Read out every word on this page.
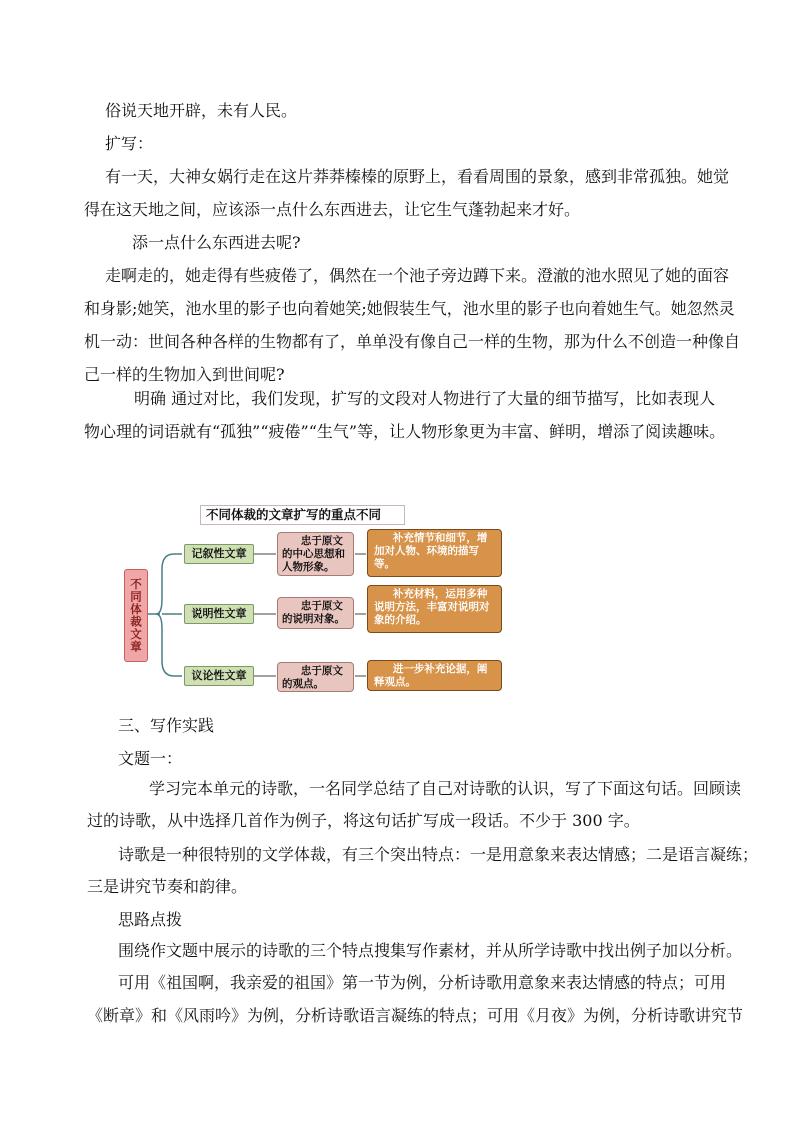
俗说天地开辟，未有人民。

扩写：

有一天，大神女娲行走在这片莽莽榛榛的原野上，看看周围的景象，感到非常孤独。她觉

得在这天地之间，应该添一点什么东西进去，让它生气蓬勃起来才好。

添一点什么东西进去呢?

走啊走的，她走得有些疲倦了，偶然在一个池子旁边蹲下来。澄澈的池水照见了她的面容

和身影;她笑，池水里的影子也向着她笑;她假装生气，池水里的影子也向着她生气。她忽然灵

机一动：世间各种各样的生物都有了，单单没有像自己一样的生物，那为什么不创造一种像自

己一样的生物加入到世间呢?

明确 通过对比，我们发现，扩写的文段对人物进行了大量的细节描写，比如表现人

物心理的词语就有“孤独”“疲倦”“生气”等，让人物形象更为丰富、鲜明，增添了阅读趣味。

不同体裁的文章扩写的重点不同
不同体裁文章
记叙性文章
说明性文章
议论性文章
忠于原文的中心思想和人物形象。
忠于原文的说明对象。
忠于原文的观点。
补充情节和细节，增加对人物、环境的描写等。
补充材料，运用多种说明方法，丰富对说明对象的介绍。
进一步补充论据，阐释观点。

三、写作实践

文题一：

学习完本单元的诗歌，一名同学总结了自己对诗歌的认识，写了下面这句话。回顾读

过的诗歌，从中选择几首作为例子，将这句话扩写成一段话。不少于 300 字。

诗歌是一种很特别的文学体裁，有三个突出特点：一是用意象来表达情感；二是语言凝练；

三是讲究节奏和韵律。

思路点拨

围绕作文题中展示的诗歌的三个特点搜集写作素材，并从所学诗歌中找出例子加以分析。

可用《祖国啊，我亲爱的祖国》第一节为例，分析诗歌用意象来表达情感的特点；可用

《断章》和《风雨吟》为例，分析诗歌语言凝练的特点；可用《月夜》为例，分析诗歌讲究节
